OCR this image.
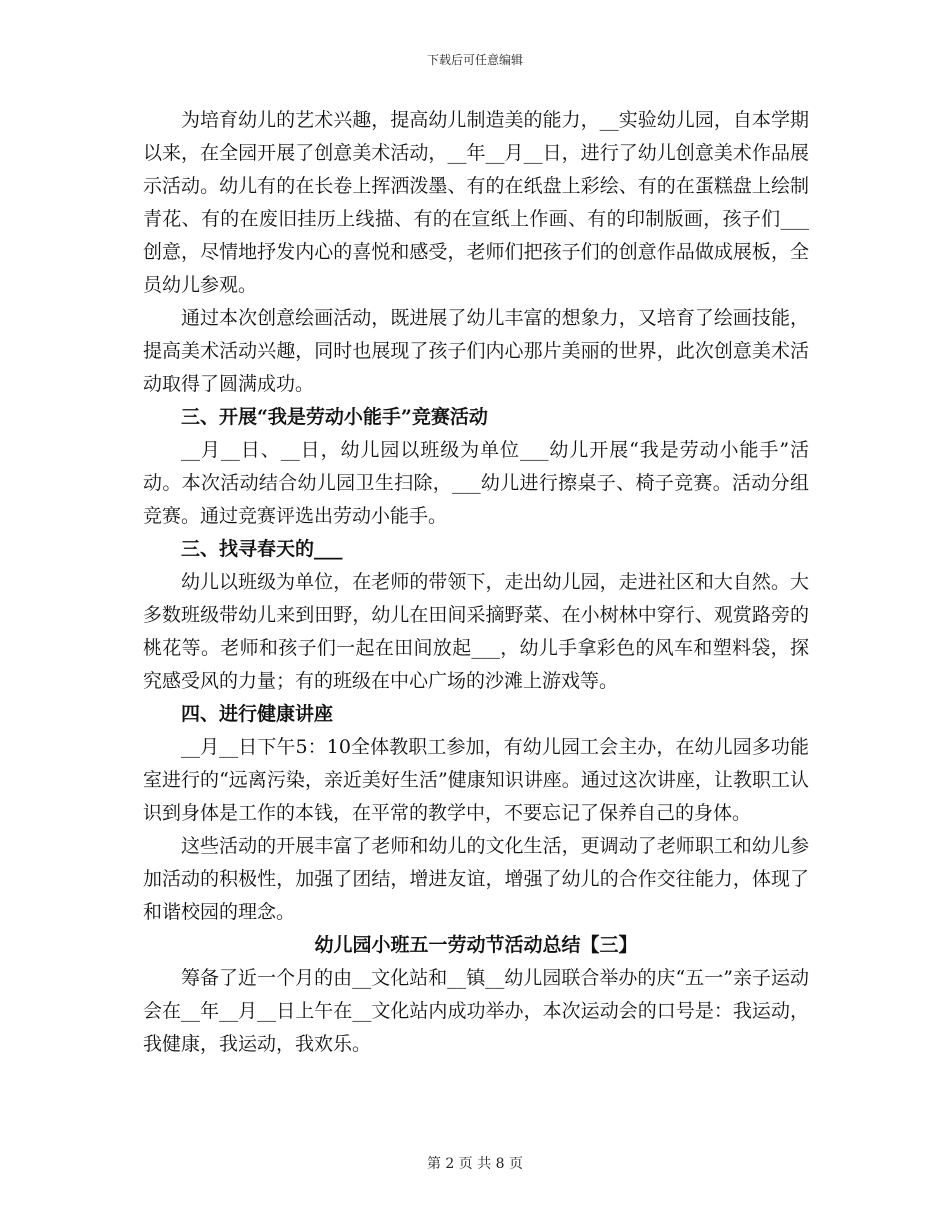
下载后可任意编辑

为培育幼儿的艺术兴趣，提高幼儿制造美的能力，__实验幼儿园，自本学期以来，在全园开展了创意美术活动，__年__月__日，进行了幼儿创意美术作品展示活动。幼儿有的在长卷上挥洒泼墨、有的在纸盘上彩绘、有的在蛋糕盘上绘制青花、有的在废旧挂历上线描、有的在宣纸上作画、有的印制版画，孩子们___创意，尽情地抒发内心的喜悦和感受，老师们把孩子们的创意作品做成展板，全员幼儿参观。

通过本次创意绘画活动，既进展了幼儿丰富的想象力，又培育了绘画技能，提高美术活动兴趣，同时也展现了孩子们内心那片美丽的世界，此次创意美术活动取得了圆满成功。

三、开展“我是劳动小能手”竞赛活动

__月__日、__日，幼儿园以班级为单位___幼儿开展“我是劳动小能手”活动。本次活动结合幼儿园卫生扫除，___幼儿进行擦桌子、椅子竞赛。活动分组竞赛。通过竞赛评选出劳动小能手。

三、找寻春天的___

幼儿以班级为单位，在老师的带领下，走出幼儿园，走进社区和大自然。大多数班级带幼儿来到田野，幼儿在田间采摘野菜、在小树林中穿行、观赏路旁的桃花等。老师和孩子们一起在田间放起___，幼儿手拿彩色的风车和塑料袋，探究感受风的力量；有的班级在中心广场的沙滩上游戏等。

四、进行健康讲座

__月__日下午5：10全体教职工参加，有幼儿园工会主办，在幼儿园多功能室进行的“远离污染，亲近美好生活”健康知识讲座。通过这次讲座，让教职工认识到身体是工作的本钱，在平常的教学中，不要忘记了保养自己的身体。

这些活动的开展丰富了老师和幼儿的文化生活，更调动了老师职工和幼儿参加活动的积极性，加强了团结，增进友谊，增强了幼儿的合作交往能力，体现了和谐校园的理念。

幼儿园小班五一劳动节活动总结【三】

筹备了近一个月的由__文化站和__镇__幼儿园联合举办的庆“五一”亲子运动会在__年__月__日上午在__文化站内成功举办，本次运动会的口号是：我运动，我健康，我运动，我欢乐。

第 2 页 共 8 页
